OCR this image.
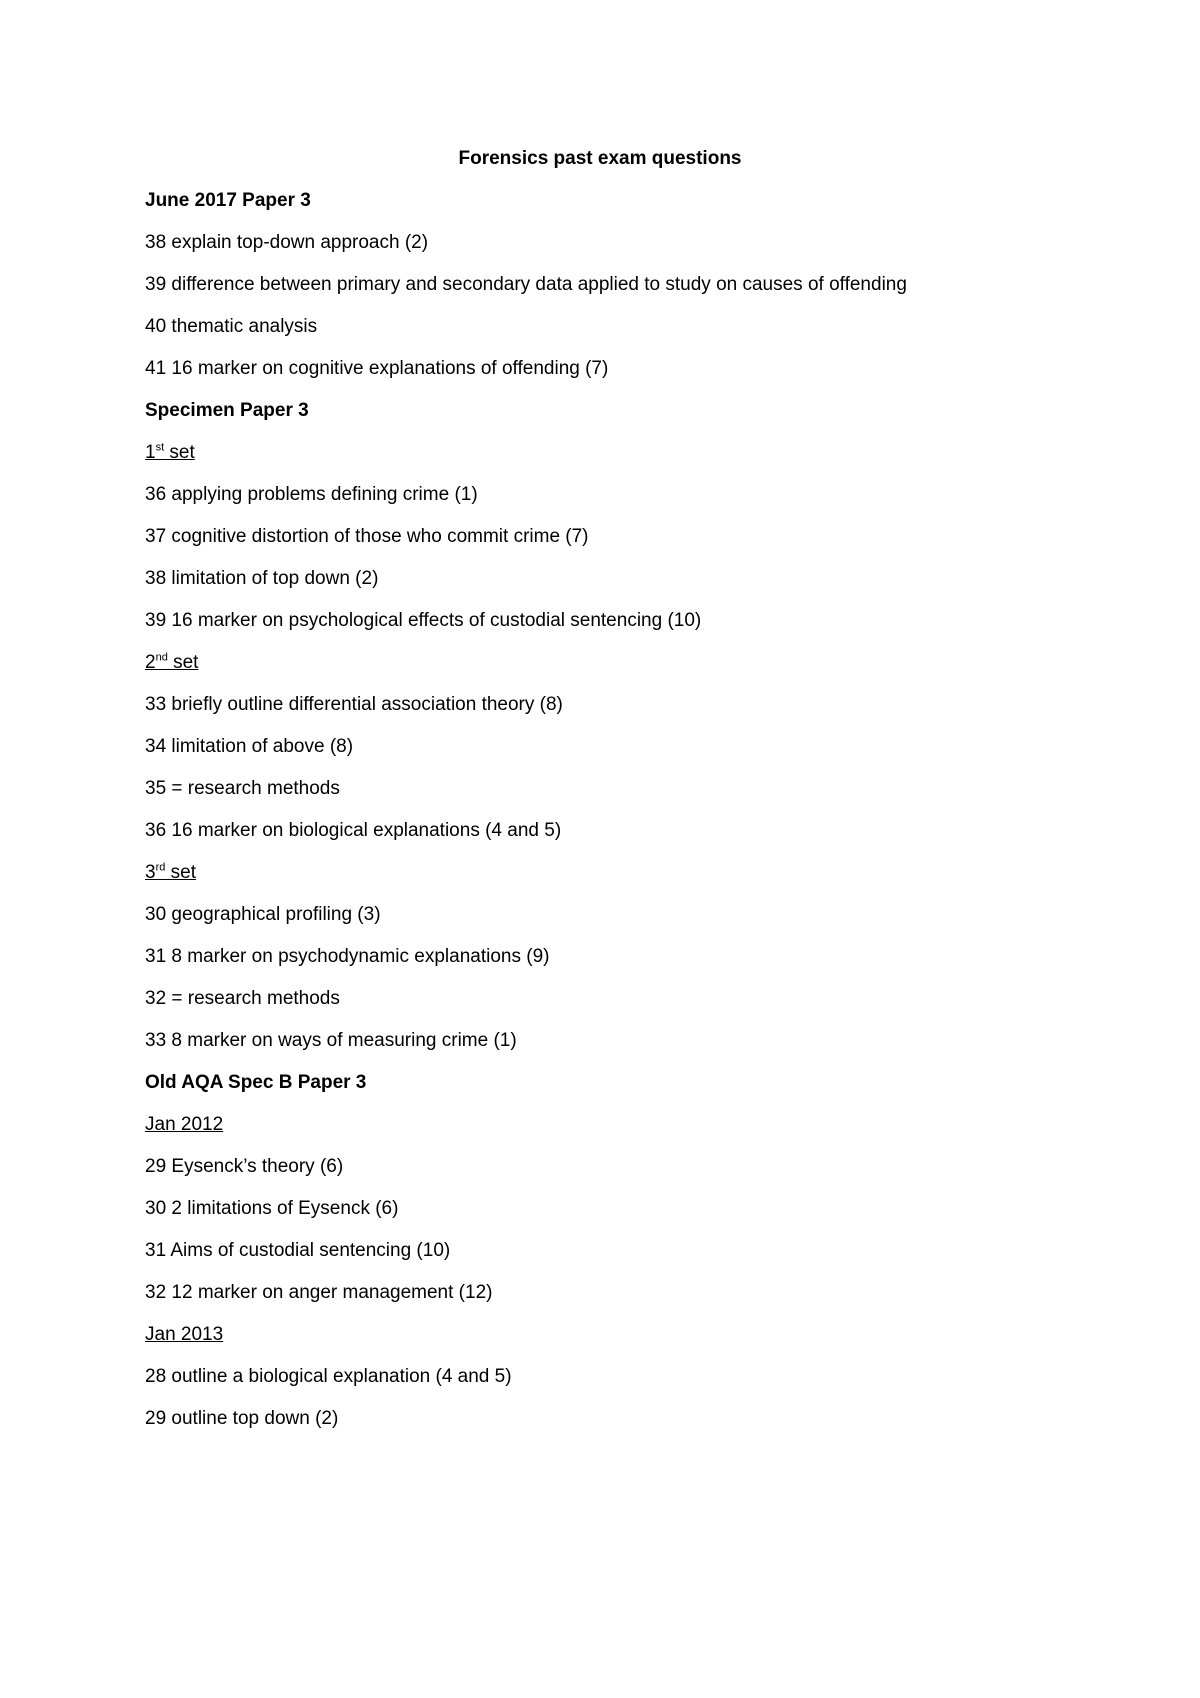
Forensics past exam questions
June 2017 Paper 3
38 explain top-down approach (2)
39 difference between primary and secondary data applied to study on causes of offending
40 thematic analysis
41 16 marker on cognitive explanations of offending (7)
Specimen Paper 3
1st set
36 applying problems defining crime (1)
37 cognitive distortion of those who commit crime (7)
38 limitation of top down (2)
39 16 marker on psychological effects of custodial sentencing (10)
2nd set
33 briefly outline differential association theory (8)
34 limitation of above (8)
35 = research methods
36 16 marker on biological explanations (4 and 5)
3rd set
30 geographical profiling (3)
31 8 marker on psychodynamic explanations (9)
32 = research methods
33 8 marker on ways of measuring crime (1)
Old AQA Spec B Paper 3
Jan 2012
29 Eysenck’s theory (6)
30 2 limitations of Eysenck (6)
31 Aims of custodial sentencing (10)
32 12 marker on anger management (12)
Jan 2013
28 outline a biological explanation (4 and 5)
29 outline top down (2)
